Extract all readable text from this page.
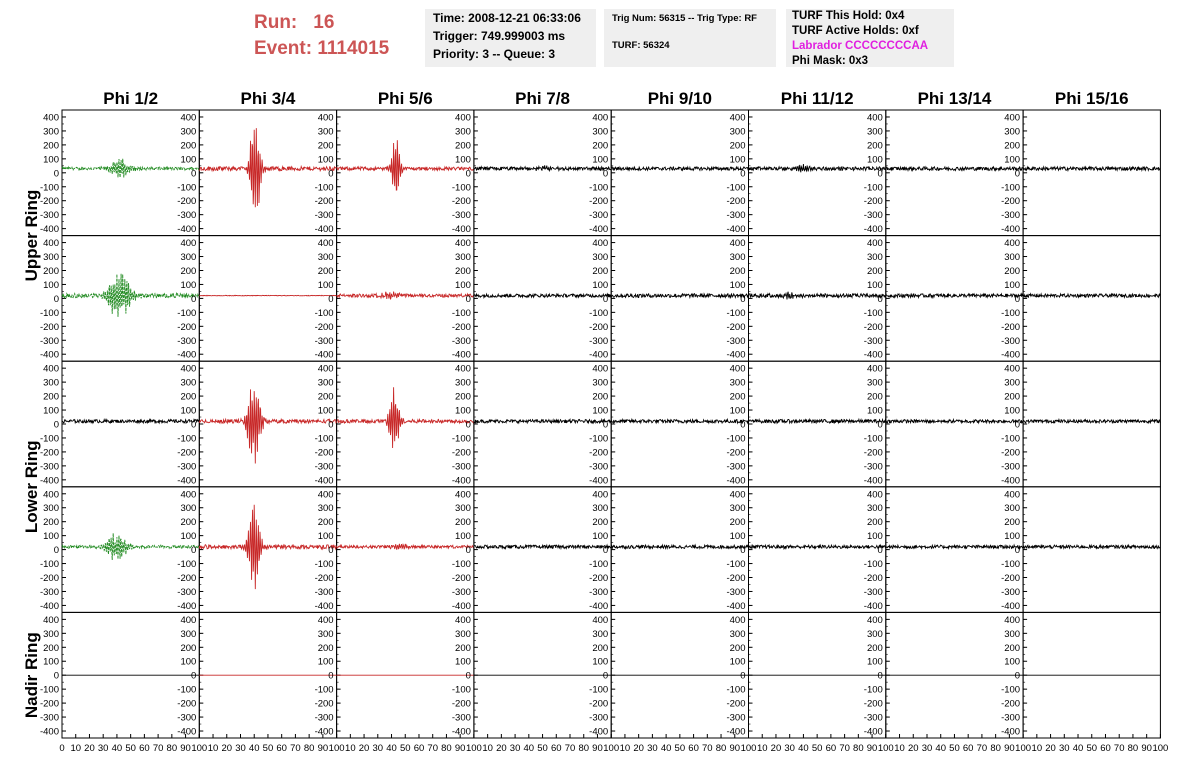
Run: 16
Event: 1114015
Time: 2008-12-21 06:33:06
Trigger: 749.999003 ms
Priority: 3 -- Queue: 3
Trig Num: 56315 -- Trig Type: RF
TURF: 56324
TURF This Hold: 0x4
TURF Active Holds: 0xf
Labrador CCCCCCCCAA
Phi Mask: 0x3
Phi 1/2	Phi 3/4	Phi 5/6	Phi 7/8	Phi 9/10	Phi 11/12	Phi 13/14	Phi 15/16
Upper Ring
Lower Ring
Nadir Ring
-400
-300
-200
-100
0
100
200
300
400
-400
-300
-200
-100
0
100
200
300
400
-400
-300
-200
-100
0
100
200
300
400
-400
-300
-200
-100
0
100
200
300
400
-400
-300
-200
-100
0
100
200
300
400
-400
-300
-200
-100
0
100
200
300
400
-400
-300
-200
-100
0
100
200
300
400
-400
-300
-200
-100
0
100
200
300
400
-400
-300
-200
-100
0
100
200
300
400
-400
-300
-200
-100
0
100
200
300
400
-400
-300
-200
-100
0
100
200
300
400
-400
-300
-200
-100
0
100
200
300
400
-400
-300
-200
-100
0
100
200
300
400
-400
-300
-200
-100
0
100
200
300
400
-400
-300
-200
-100
0
100
200
300
400
-400
-300
-200
-100
0
100
200
300
400
-400
-300
-200
-100
0
100
200
300
400
-400
-300
-200
-100
0
100
200
300
400
-400
-300
-200
-100
0
100
200
300
400
-400
-300
-200
-100
0
100
200
300
400
-400
-300
-200
-100
0
100
200
300
400
-400
-300
-200
-100
0
100
200
300
400
-400
-300
-200
-100
0
100
200
300
400
-400
-300
-200
-100
0
100
200
300
400
-400
-300
-200
-100
0
100
200
300
400
-400
-300
-200
-100
0
100
200
300
400
-400
-300
-200
-100
0
100
200
300
400
-400
-300
-200
-100
0
100
200
300
400
-400
-300
-200
-100
0
100
200
300
400
-400
-300
-200
-100
0
100
200
300
400
-400
-300
-200
-100
0
100
200
300
400
-400
-300
-200
-100
0
100
200
300
400
-400
-300
-200
-100
0
100
200
300
400
-400
-300
-200
-100
0
100
200
300
400
-400
-300
-200
-100
0
100
200
300
400
-400
-300
-200
-100
0
100
200
300
400
-400
-300
-200
-100
0
100
200
300
400
-400
-300
-200
-100
0
100
200
300
400
-400
-300
-200
-100
0
100
200
300
400
-400
-300
-200
-100
0
100
200
300
400
0 10 20 30 40 50 60 70 80 90 100 10 20 30 40 50 60 70 80 90 100 10 20 30 40 50 60 70 80 90 100 10 20 30 40 50 60 70 80 90 100 10 20 30 40 50 60 70 80 90 100 10 20 30 40 50 60 70 80 90 100 10 20 30 40 50 60 70 80 90 100 10 20 30 40 50 60 70 80 90 100
